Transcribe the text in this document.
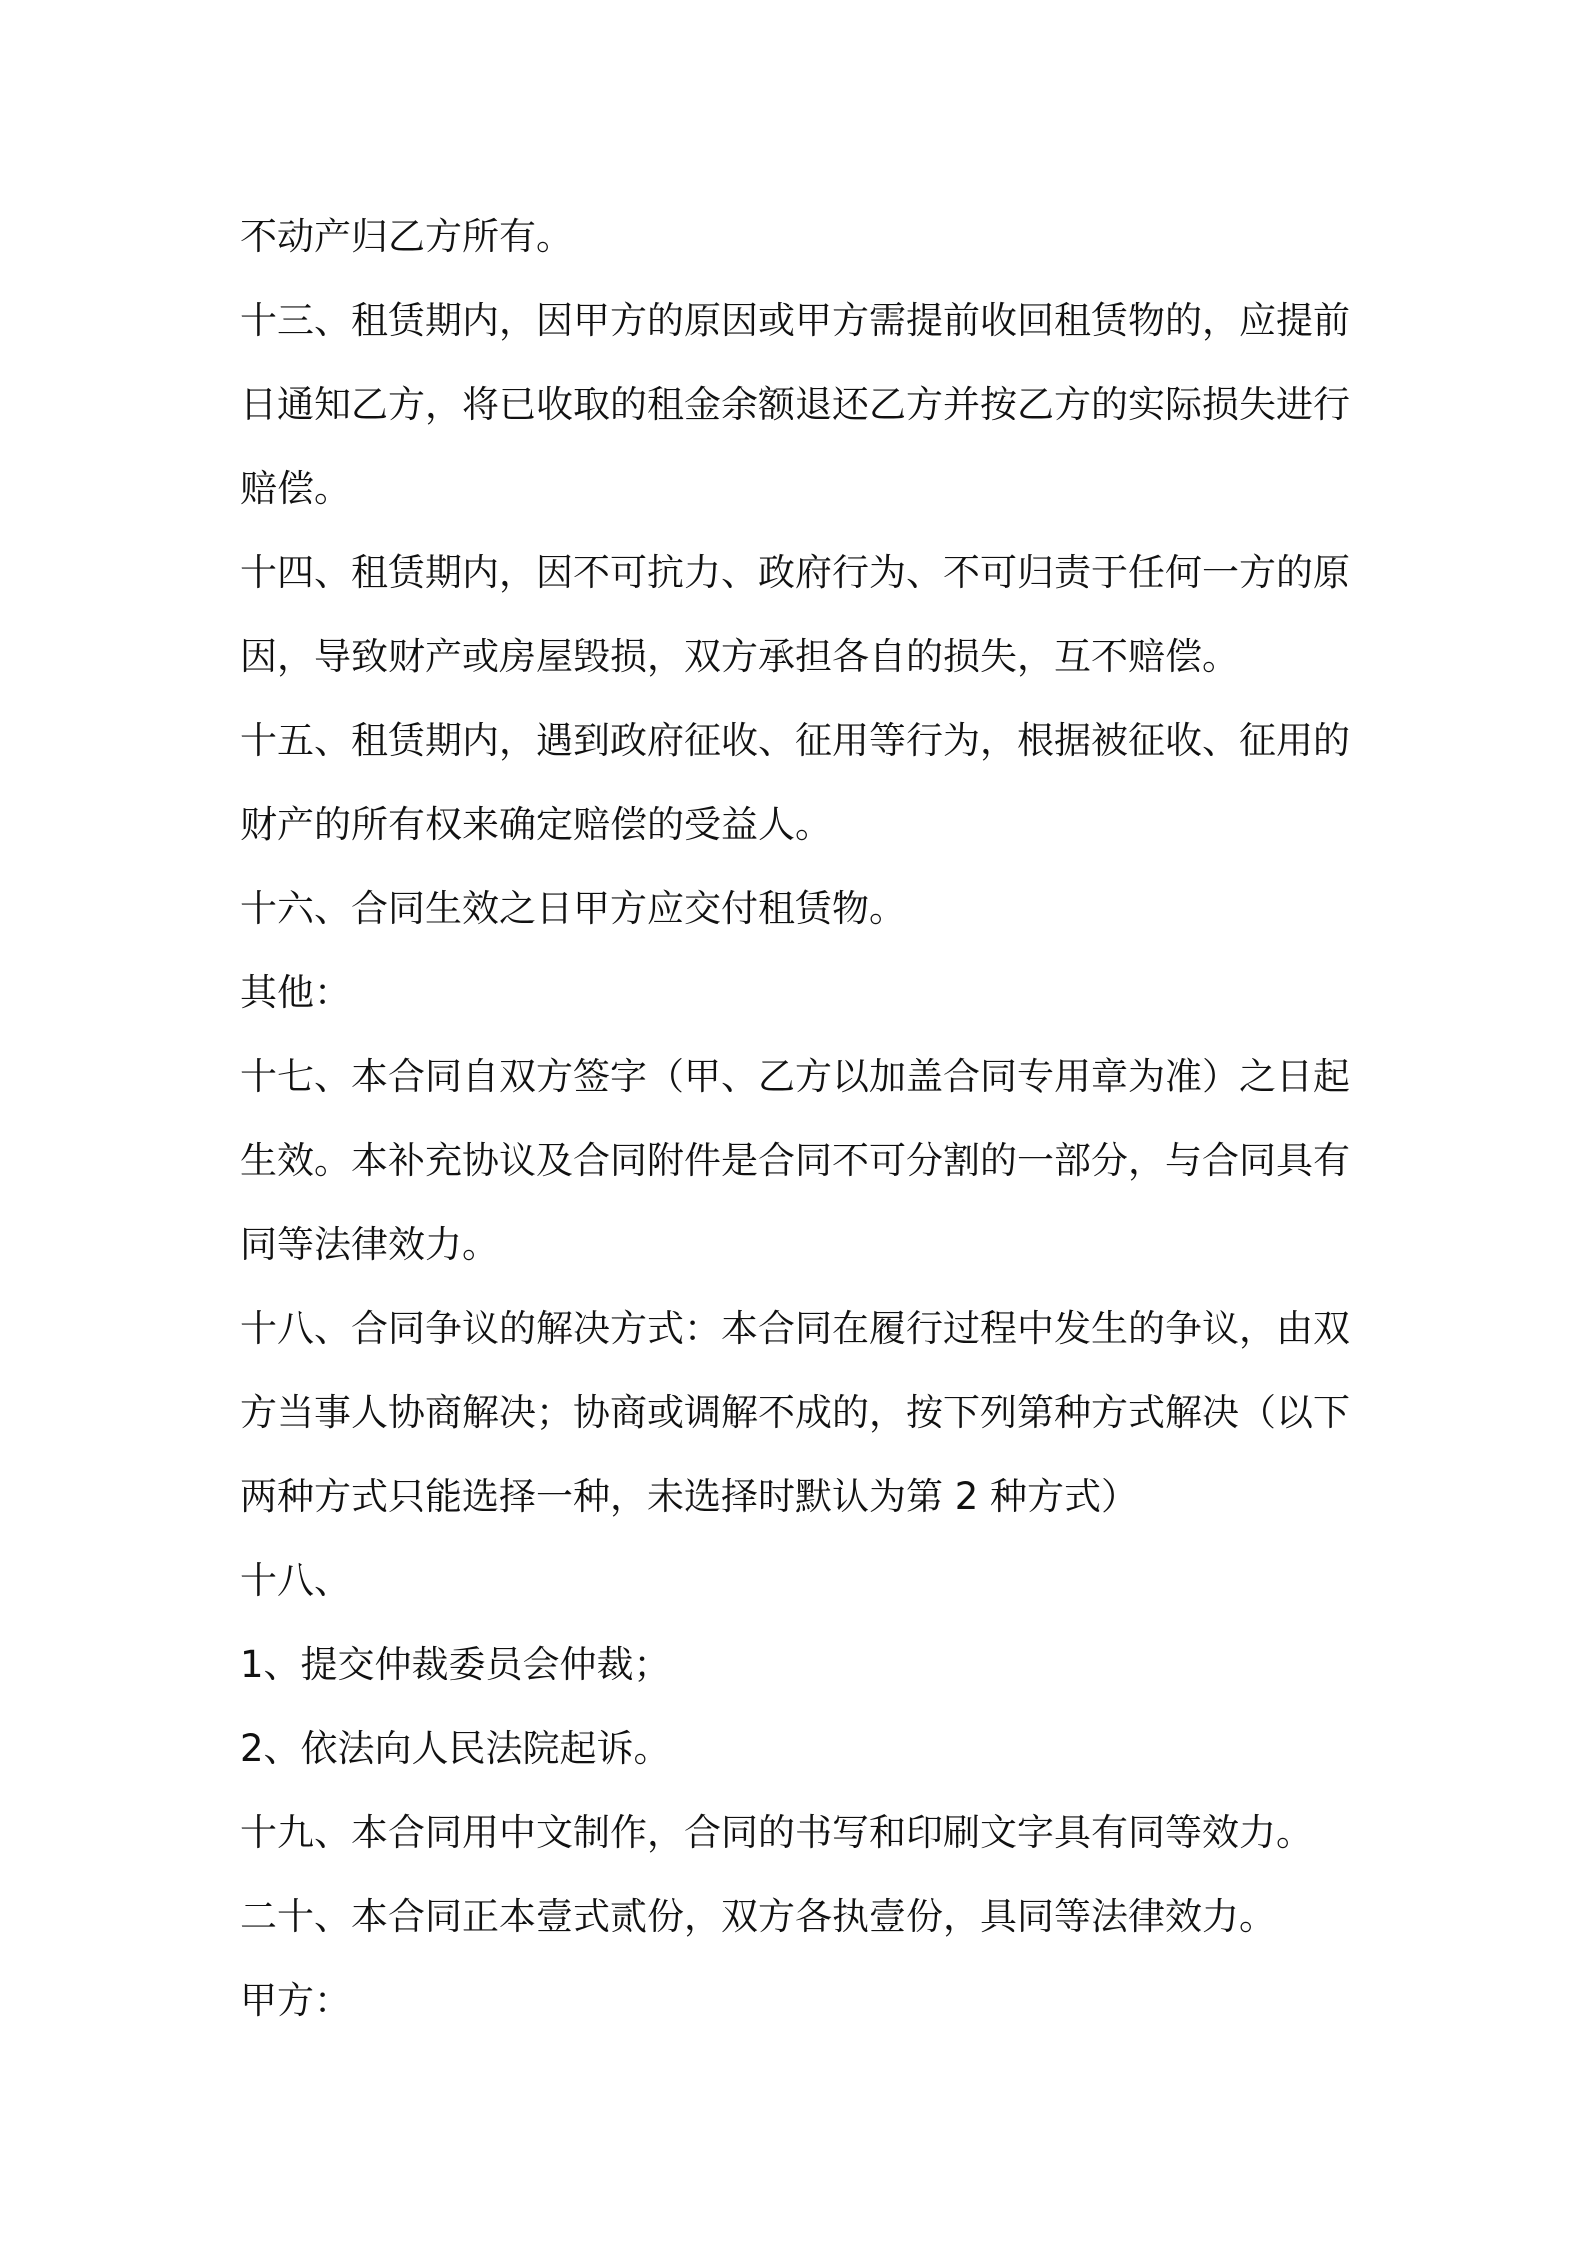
不动产归乙方所有。
十三、租赁期内，因甲方的原因或甲方需提前收回租赁物的，应提前
日通知乙方，将已收取的租金余额退还乙方并按乙方的实际损失进行
赔偿。
十四、租赁期内，因不可抗力、政府行为、不可归责于任何一方的原
因，导致财产或房屋毁损，双方承担各自的损失，互不赔偿。
十五、租赁期内，遇到政府征收、征用等行为，根据被征收、征用的
财产的所有权来确定赔偿的受益人。
十六、合同生效之日甲方应交付租赁物。
其他：
十七、本合同自双方签字（甲、乙方以加盖合同专用章为准）之日起
生效。本补充协议及合同附件是合同不可分割的一部分，与合同具有
同等法律效力。
十八、合同争议的解决方式：本合同在履行过程中发生的争议，由双
方当事人协商解决；协商或调解不成的，按下列第种方式解决（以下
两种方式只能选择一种，未选择时默认为第 2 种方式）
十八、
1、提交仲裁委员会仲裁；
2、依法向人民法院起诉。
十九、本合同用中文制作，合同的书写和印刷文字具有同等效力。
二十、本合同正本壹式贰份，双方各执壹份，具同等法律效力。
甲方：
